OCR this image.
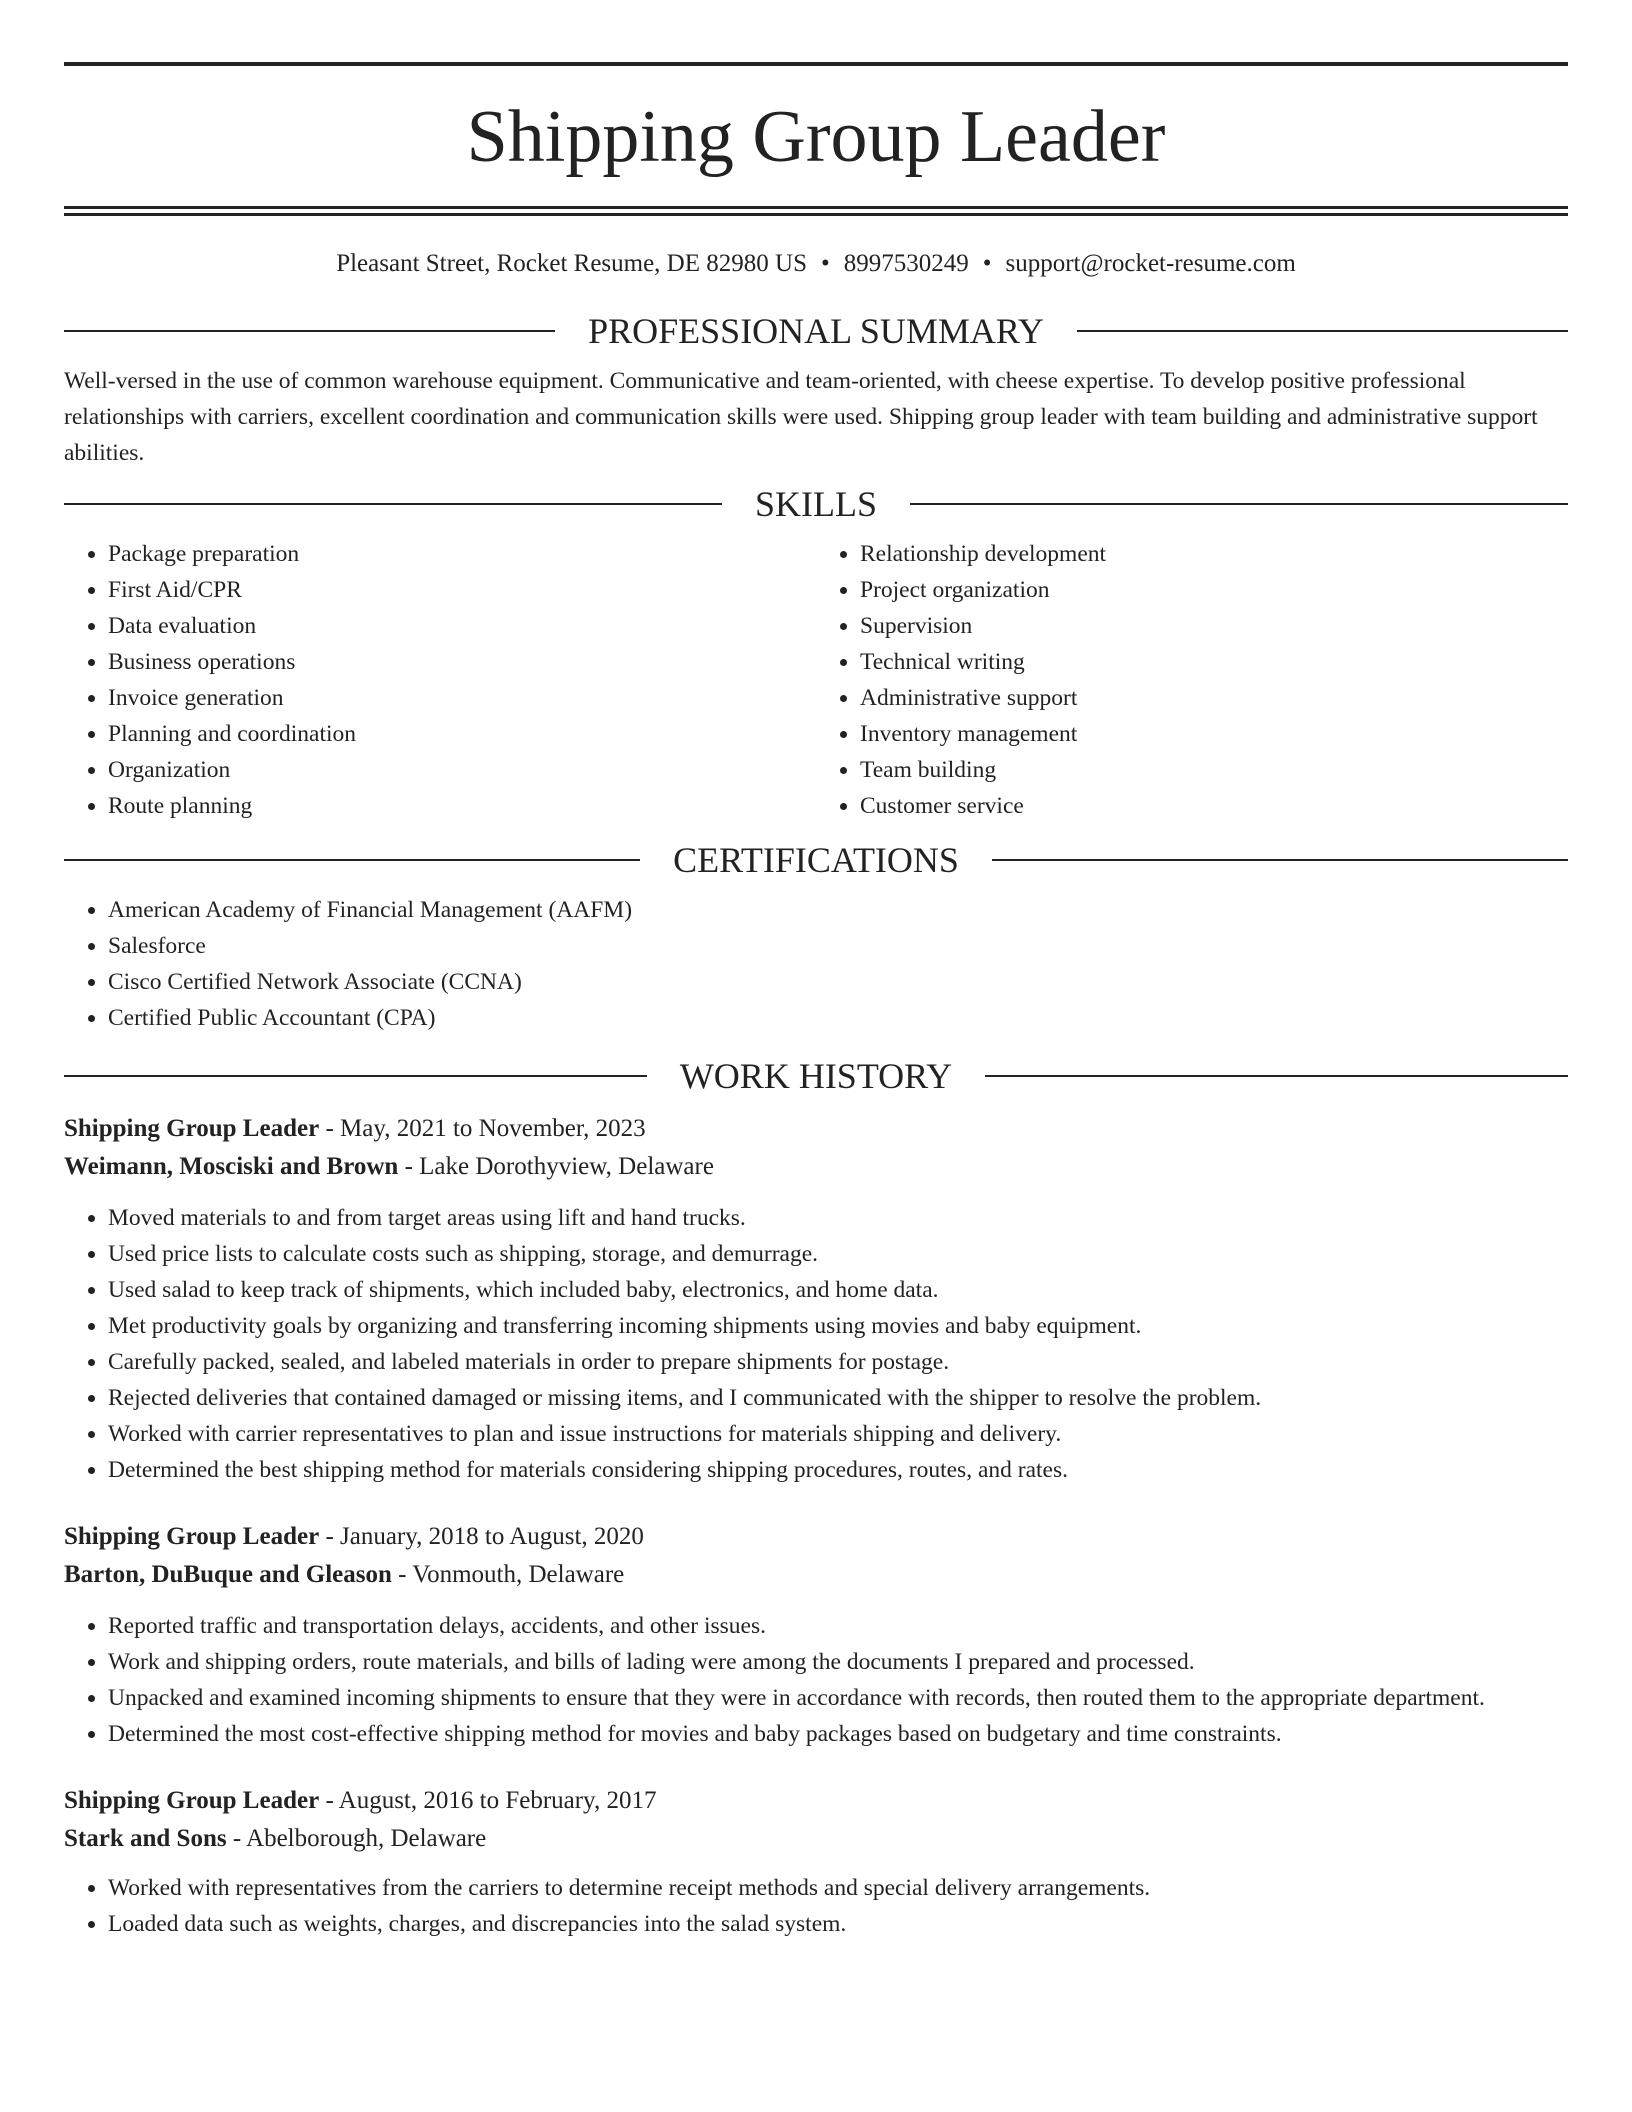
Shipping Group Leader
Pleasant Street, Rocket Resume, DE 82980 US • 8997530249 • support@rocket-resume.com
PROFESSIONAL SUMMARY

Well-versed in the use of common warehouse equipment. Communicative and team-oriented, with cheese expertise. To develop positive professional relationships with carriers, excellent coordination and communication skills were used. Shipping group leader with team building and administrative support abilities.

SKILLS
• Package preparation
• First Aid/CPR
• Data evaluation
• Business operations
• Invoice generation
• Planning and coordination
• Organization
• Route planning
• Relationship development
• Project organization
• Supervision
• Technical writing
• Administrative support
• Inventory management
• Team building
• Customer service
CERTIFICATIONS
• American Academy of Financial Management (AAFM)
• Salesforce
• Cisco Certified Network Associate (CCNA)
• Certified Public Accountant (CPA)
WORK HISTORY
Shipping Group Leader - May, 2021 to November, 2023
Weimann, Mosciski and Brown - Lake Dorothyview, Delaware
• Moved materials to and from target areas using lift and hand trucks.
• Used price lists to calculate costs such as shipping, storage, and demurrage.
• Used salad to keep track of shipments, which included baby, electronics, and home data.
• Met productivity goals by organizing and transferring incoming shipments using movies and baby equipment.
• Carefully packed, sealed, and labeled materials in order to prepare shipments for postage.
• Rejected deliveries that contained damaged or missing items, and I communicated with the shipper to resolve the problem.
• Worked with carrier representatives to plan and issue instructions for materials shipping and delivery.
• Determined the best shipping method for materials considering shipping procedures, routes, and rates.
Shipping Group Leader - January, 2018 to August, 2020
Barton, DuBuque and Gleason - Vonmouth, Delaware
• Reported traffic and transportation delays, accidents, and other issues.
• Work and shipping orders, route materials, and bills of lading were among the documents I prepared and processed.
• Unpacked and examined incoming shipments to ensure that they were in accordance with records, then routed them to the appropriate department.
• Determined the most cost-effective shipping method for movies and baby packages based on budgetary and time constraints.
Shipping Group Leader - August, 2016 to February, 2017
Stark and Sons - Abelborough, Delaware
• Worked with representatives from the carriers to determine receipt methods and special delivery arrangements.
• Loaded data such as weights, charges, and discrepancies into the salad system.
